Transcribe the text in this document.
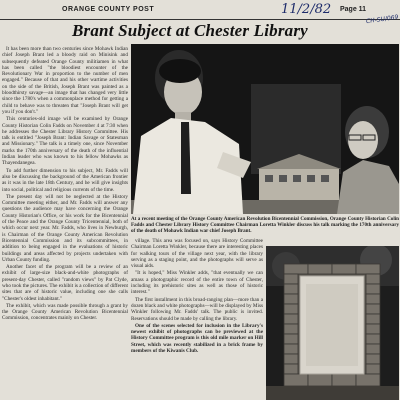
ORANGE COUNTY POST	11/2/82 Page 11
CH-SU/069
Brant Subject at Chester Library

It has been more than two centuries since Mohawk Indian chief Joseph Brant led a bloody raid on Minisink and subsequently defeated Orange County militiamen in what has been called "the bloodiest encounter of the Revolutionary War in proportion to the number of men engaged." Because of that and his other wartime activities on the side of the British, Joseph Brant was painted as a bloodthirsty savage—an image that has changed very little since the 1780's when a commonplace method for getting a child to behave was to threaten that "Joseph Brant will get you if you don't."

This centuries-old image will be examined by Orange County Historian Colin Fadds on November 4 at 7:30 when he addresses the Chester Library History Committee. His talk is entitled "Joseph Brant: Indian Savage or Statesman and Missionary." The talk is a timely one, since November marks the 170th anniversary of the death of the influential Indian leader who was known to his fellow Mohawks as Thayendanegea.

To add further dimension to his subject, Mr. Fadds will also be discussing the background of the American frontier as it was in the late 18th Century, and he will give insights into social, political and religious currents of the time.

The present day will not be neglected at the History Committee meeting either, and Mr. Fadds will answer any questions the audience may have concerning the Orange County Historian's Office, or his work for the Bicentennial of the Peace and the Orange County Tricentennial, both of which occur next year. Mr. Fadds, who lives in Newburgh, is Chairman of the Orange County American Revolution Bicentennial Commission and its subcommittees, in addition to being engaged in the evaluations of historic buildings and areas affected by projects undertaken with Urban County funding.

Another facet of the program will be a review of an exhibit of large-size black-and-white photographs of present-day Chester, called "random views" by Pat Clyde, who took the pictures. The exhibit is a collection of different sites that are of historic value, including one she calls "Chester's oldest inhabitant."

The exhibit, which was made possible through a grant by the Orange County American Revolution Bicentennial Commission, concentrates mainly on Chester.

At a recent meeting of the Orange County American Revolution Bicentennial Commission, Orange County Historian Colin Fadds and Chester Library History Committee Chairman Loretta Winkler discuss his talk marking the 170th anniversary of the death of Mohawk Indian war chief Joseph Brant.

village. This area was focused on, says History Committee Chairman Loretta Winkler, because there are interesting places for walking tours of the village next year, with the library serving as a staging point, and the photographs will serve as visual aids.

"It is hoped," Miss Winkler adds, "that eventually we can amass a photographic record of the entire town of Chester, including its prehistoric sites as well as those of historic interest."

The first installment in this broad-ranging plan—more than a dozen black and white photographs—will be displayed by Miss Winkler following Mr. Fadds' talk. The public is invited. Reservations should be made by calling the library.

One of the scenes selected for inclusion in the Library's newest exhibit of photographs can be previewed at the History Committee program is this old mile marker on Hill Street, which was recently stabilized in a brick frame by members of the Kiwanis Club.
